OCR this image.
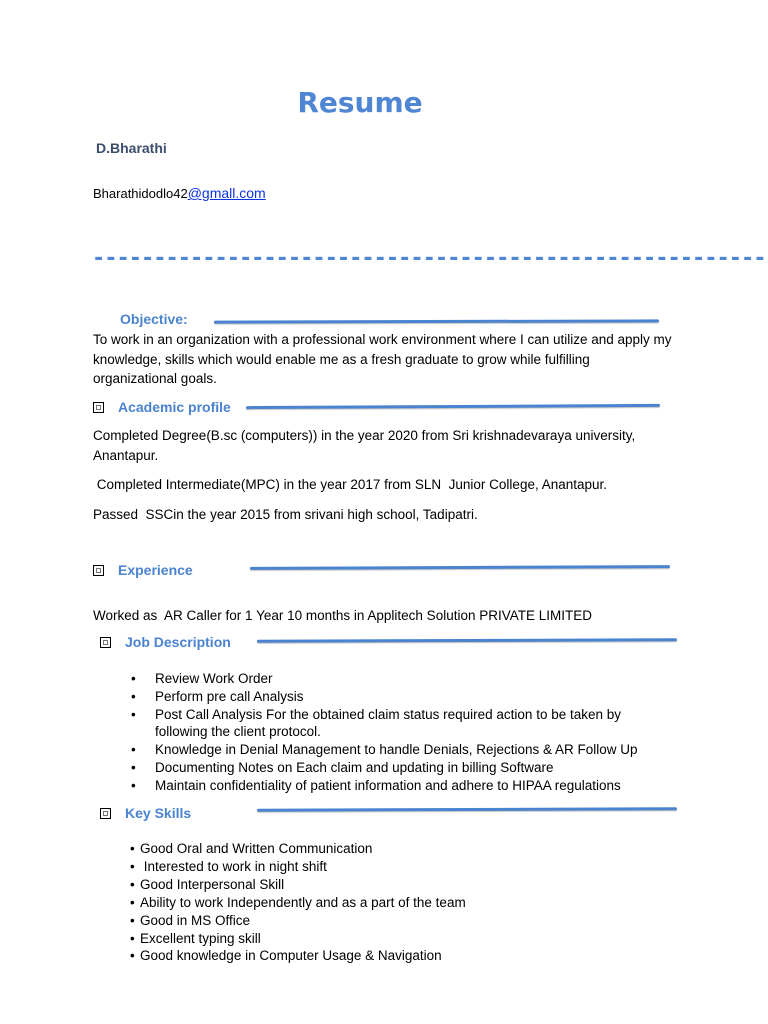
Resume
D.Bharathi
Bharathidodlo42@gmall.com
-------------------------------------------------------
Objective:
To work in an organization with a professional work environment where I can utilize and apply my knowledge, skills which would enable me as a fresh graduate to grow while fulfilling organizational goals.
Academic profile
Completed Degree(B.sc (computers)) in the year 2020 from Sri krishnadevaraya university, Anantapur.
Completed Intermediate(MPC) in the year 2017 from SLN  Junior College, Anantapur.
Passed  SSCin the year 2015 from srivani high school, Tadipatri.
Experience
Worked as  AR Caller for 1 Year 10 months in Applitech Solution PRIVATE LIMITED
Job Description
• Review Work Order
• Perform pre call Analysis
• Post Call Analysis For the obtained claim status required action to be taken by following the client protocol.
• Knowledge in Denial Management to handle Denials, Rejections & AR Follow Up
• Documenting Notes on Each claim and updating in billing Software
• Maintain confidentiality of patient information and adhere to HIPAA regulations
Key Skills
• Good Oral and Written Communication
•  Interested to work in night shift
• Good Interpersonal Skill
• Ability to work Independently and as a part of the team
• Good in MS Office
• Excellent typing skill
• Good knowledge in Computer Usage & Navigation
